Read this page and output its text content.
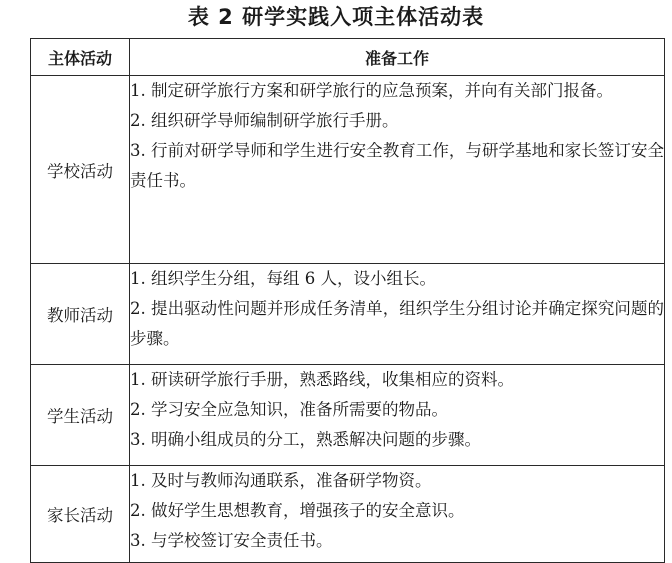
表 2 研学实践入项主体活动表
主体活动	准备工作
学校活动	1. 制定研学旅行方案和研学旅行的应急预案，并向有关部门报备。
2. 组织研学导师编制研学旅行手册。
3. 行前对研学导师和学生进行安全教育工作，与研学基地和家长签订安全责任书。

教师活动	1. 组织学生分组，每组 6 人，设小组长。
2. 提出驱动性问题并形成任务清单，组织学生分组讨论并确定探究问题的步骤。

学生活动	1. 研读研学旅行手册，熟悉路线，收集相应的资料。
2. 学习安全应急知识，准备所需要的物品。
3. 明确小组成员的分工，熟悉解决问题的步骤。

家长活动	1. 及时与教师沟通联系，准备研学物资。
2. 做好学生思想教育，增强孩子的安全意识。
3. 与学校签订安全责任书。
